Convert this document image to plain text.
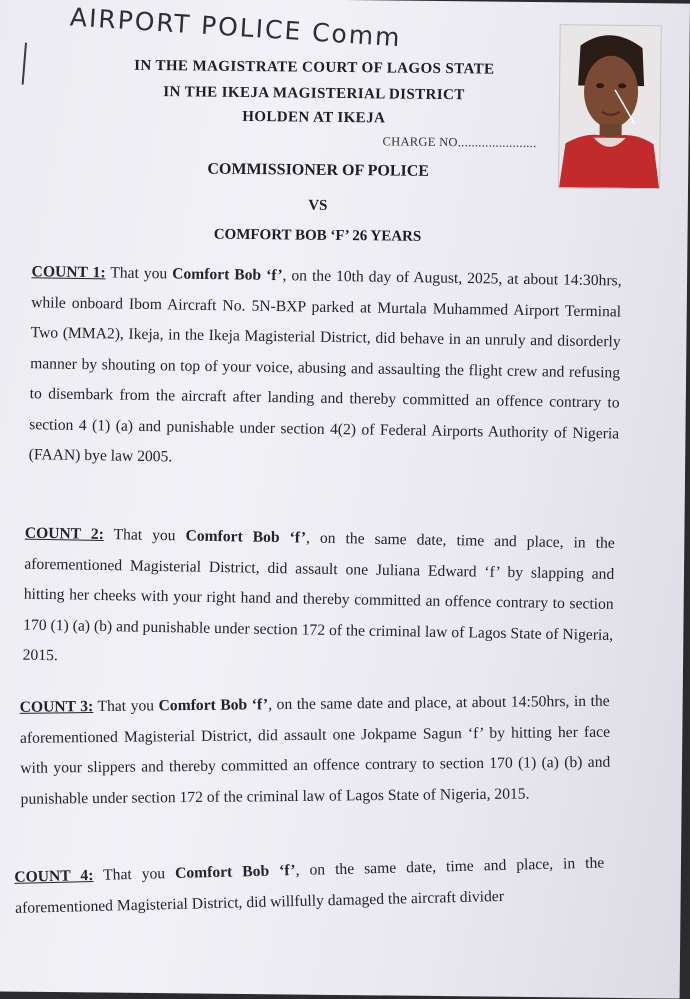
AIRPORT POLICE Comm
IN THE MAGISTRATE COURT OF LAGOS STATE
IN THE IKEJA MAGISTERIAL DISTRICT
HOLDEN AT IKEJA
CHARGE NO.......................
COMMISSIONER OF POLICE
VS
COMFORT BOB ‘F’ 26 YEARS

COUNT 1: That you Comfort Bob ‘f’, on the 10th day of August, 2025, at about 14:30hrs, while onboard Ibom Aircraft No. 5N-BXP parked at Murtala Muhammed Airport Terminal Two (MMA2), Ikeja, in the Ikeja Magisterial District, did behave in an unruly and disorderly manner by shouting on top of your voice, abusing and assaulting the flight crew and refusing to disembark from the aircraft after landing and thereby committed an offence contrary to section 4 (1) (a) and punishable under section 4(2) of Federal Airports Authority of Nigeria (FAAN) bye law 2005.

COUNT 2: That you Comfort Bob ‘f’, on the same date, time and place, in the aforementioned Magisterial District, did assault one Juliana Edward ‘f’ by slapping and hitting her cheeks with your right hand and thereby committed an offence contrary to section 170 (1) (a) (b) and punishable under section 172 of the criminal law of Lagos State of Nigeria, 2015.

COUNT 3: That you Comfort Bob ‘f’, on the same date and place, at about 14:50hrs, in the aforementioned Magisterial District, did assault one Jokpame Sagun ‘f’ by hitting her face with your slippers and thereby committed an offence contrary to section 170 (1) (a) (b) and punishable under section 172 of the criminal law of Lagos State of Nigeria, 2015.

COUNT 4: That you Comfort Bob ‘f’, on the same date, time and place, in the aforementioned Magisterial District, did willfully damaged the aircraft divider
